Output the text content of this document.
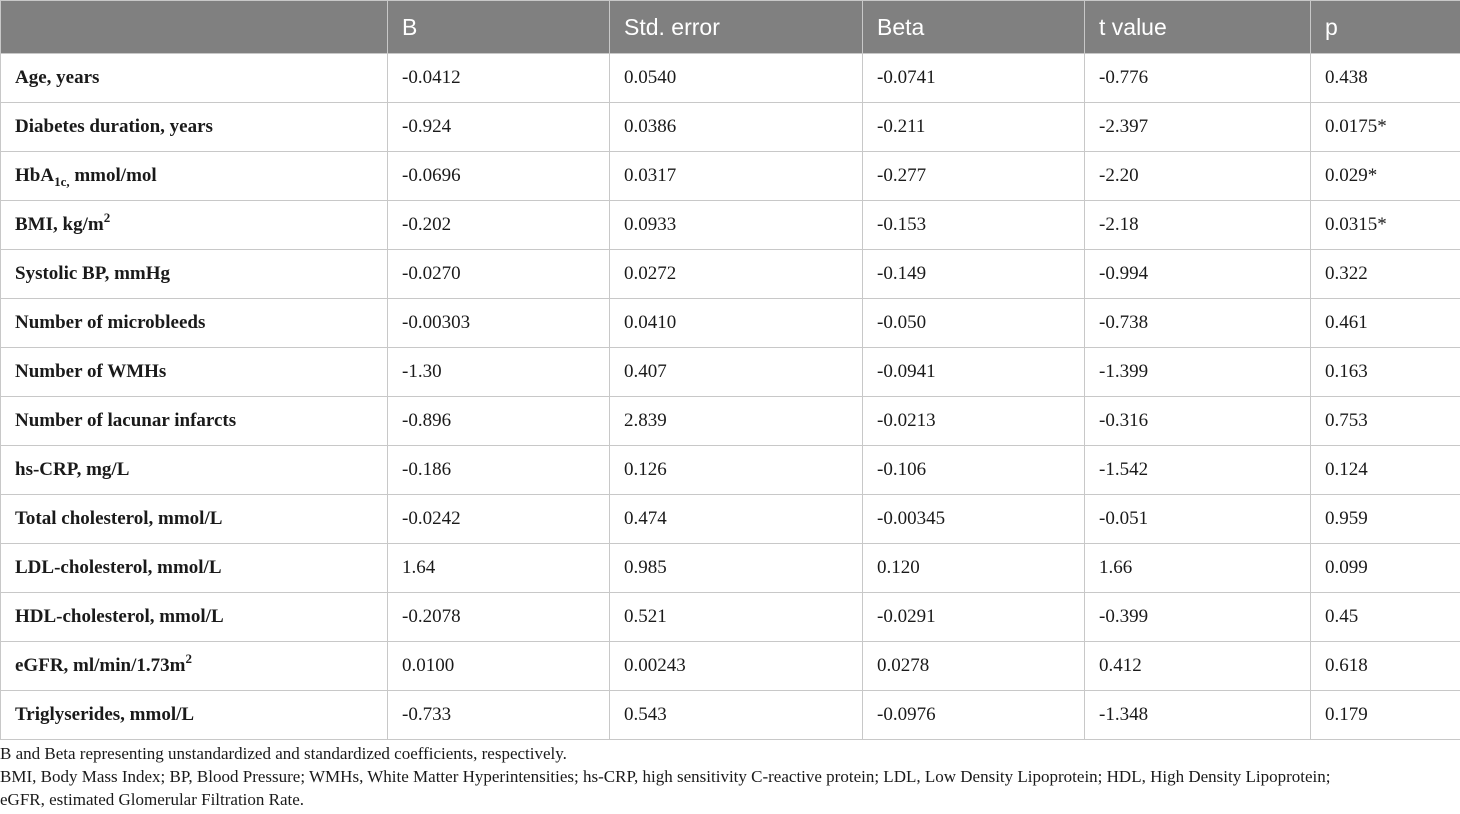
	B	Std. error	Beta	t value	p
Age, years	-0.0412	0.0540	-0.0741	-0.776	0.438
Diabetes duration, years	-0.924	0.0386	-0.211	-2.397	0.0175*
HbA$_{1c,}$ mmol/mol	-0.0696	0.0317	-0.277	-2.20	0.029*
BMI, $kg/m^2$	-0.202	0.0933	-0.153	-2.18	0.0315*
Systolic BP, mmHg	-0.0270	0.0272	-0.149	-0.994	0.322
Number of microbleeds	-0.00303	0.0410	-0.050	-0.738	0.461
Number of WMHs	-1.30	0.407	-0.0941	-1.399	0.163
Number of lacunar infarcts	-0.896	2.839	-0.0213	-0.316	0.753
hs-CRP, mg/L	-0.186	0.126	-0.106	-1.542	0.124
Total cholesterol, mmol/L	-0.0242	0.474	-0.00345	-0.051	0.959
LDL-cholesterol, mmol/L	1.64	0.985	0.120	1.66	0.099
HDL-cholesterol, mmol/L	-0.2078	0.521	-0.0291	-0.399	0.45
eGFR, $ml/\min/1.73m^2$	0.0100	0.00243	0.0278	0.412	0.618
Triglyserides, mmol/L	-0.733	0.543	-0.0976	-1.348	0.179

B and Beta representing unstandardized and standardized coefficients, respectively.

BMI, Body Mass Index; BP, Blood Pressure; WMHs, White Matter Hyperintensities; hs-CRP, high sensitivity C-reactive protein; LDL, Low Density Lipoprotein; HDL, High Density Lipoprotein;

eGFR, estimated Glomerular Filtration Rate.
